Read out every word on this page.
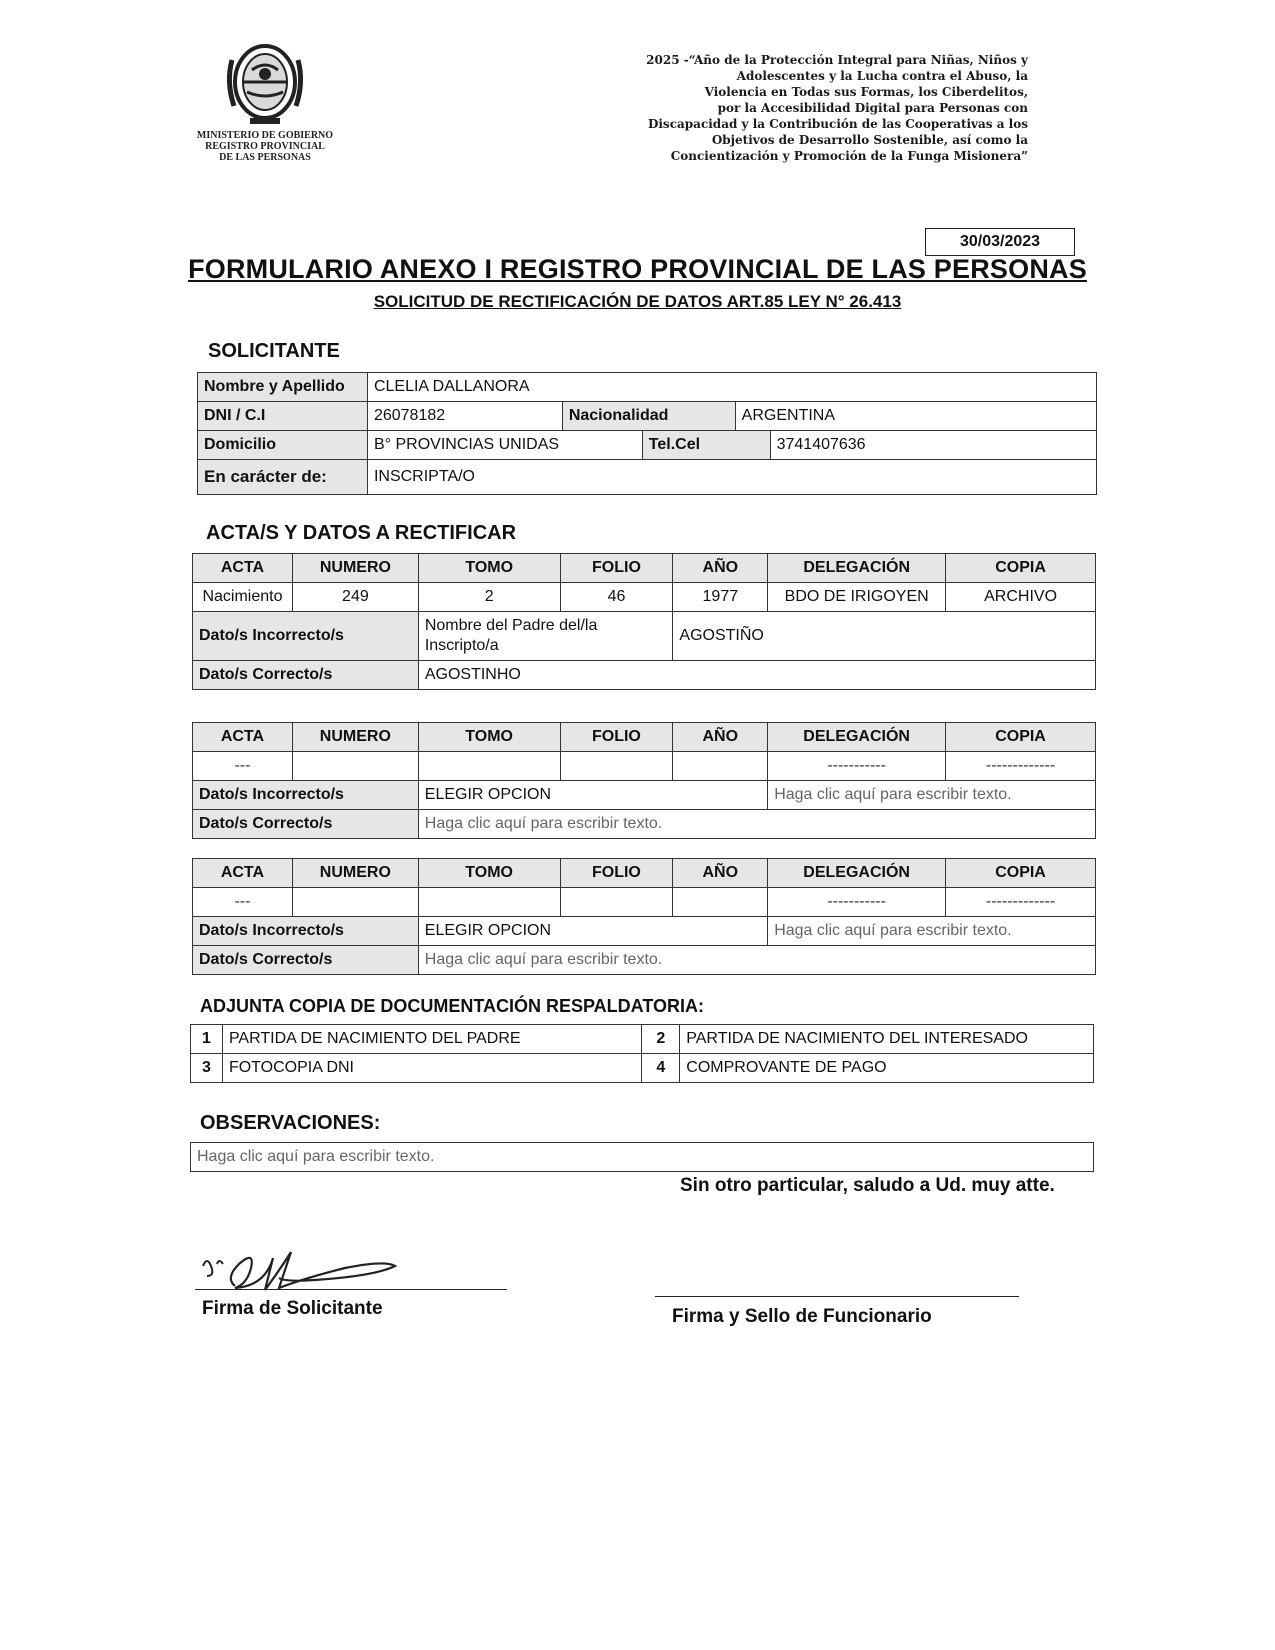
MINISTERIO DE GOBIERNO
REGISTRO PROVINCIAL
DE LAS PERSONAS
2025 -“Año de la Protección Integral para Niñas, Niños y
Adolescentes y la Lucha contra el Abuso, la
Violencia en Todas sus Formas, los Ciberdelitos,
por la Accesibilidad Digital para Personas con
Discapacidad y la Contribución de las Cooperativas a los
Objetivos de Desarrollo Sostenible, así como la
Concientización y Promoción de la Funga Misionera”
30/03/2023
FORMULARIO ANEXO I REGISTRO PROVINCIAL DE LAS PERSONAS
SOLICITUD DE RECTIFICACIÓN DE DATOS ART.85 LEY N° 26.413
SOLICITANTE
Nombre y Apellido	CLELIA DALLANORA				
DNI / C.I	26078182	Nacionalidad		ARGENTINA	
Domicilio	B° PROVINCIAS UNIDAS		Tel.Cel		3741407636
En carácter de:	INSCRIPTA/O				
ACTA/S Y DATOS A RECTIFICAR
ACTA	NUMERO	TOMO	FOLIO	AÑO	DELEGACIÓN	COPIA
Nacimiento	249	2	46	1977	BDO DE IRIGOYEN	ARCHIVO
Dato/s Incorrecto/s		Nombre del Padre del/la Inscripto/a		AGOSTIÑO		
Dato/s Correcto/s		AGOSTINHO				
ACTA	NUMERO	TOMO	FOLIO	AÑO	DELEGACIÓN	COPIA
---					-----------	-------------
Dato/s Incorrecto/s		ELEGIR OPCION			Haga clic aquí para escribir texto.	
Dato/s Correcto/s		Haga clic aquí para escribir texto.				
ACTA	NUMERO	TOMO	FOLIO	AÑO	DELEGACIÓN	COPIA
---					-----------	-------------
Dato/s Incorrecto/s		ELEGIR OPCION			Haga clic aquí para escribir texto.	
Dato/s Correcto/s		Haga clic aquí para escribir texto.				
ADJUNTA COPIA DE DOCUMENTACIÓN RESPALDATORIA:
1	PARTIDA DE NACIMIENTO DEL PADRE	2	PARTIDA DE NACIMIENTO DEL INTERESADO
3	FOTOCOPIA DNI	4	COMPROVANTE DE PAGO
OBSERVACIONES:
Haga clic aquí para escribir texto.
Sin otro particular, saludo a Ud. muy atte.
Firma de Solicitante	Firma y Sello de Funcionario
